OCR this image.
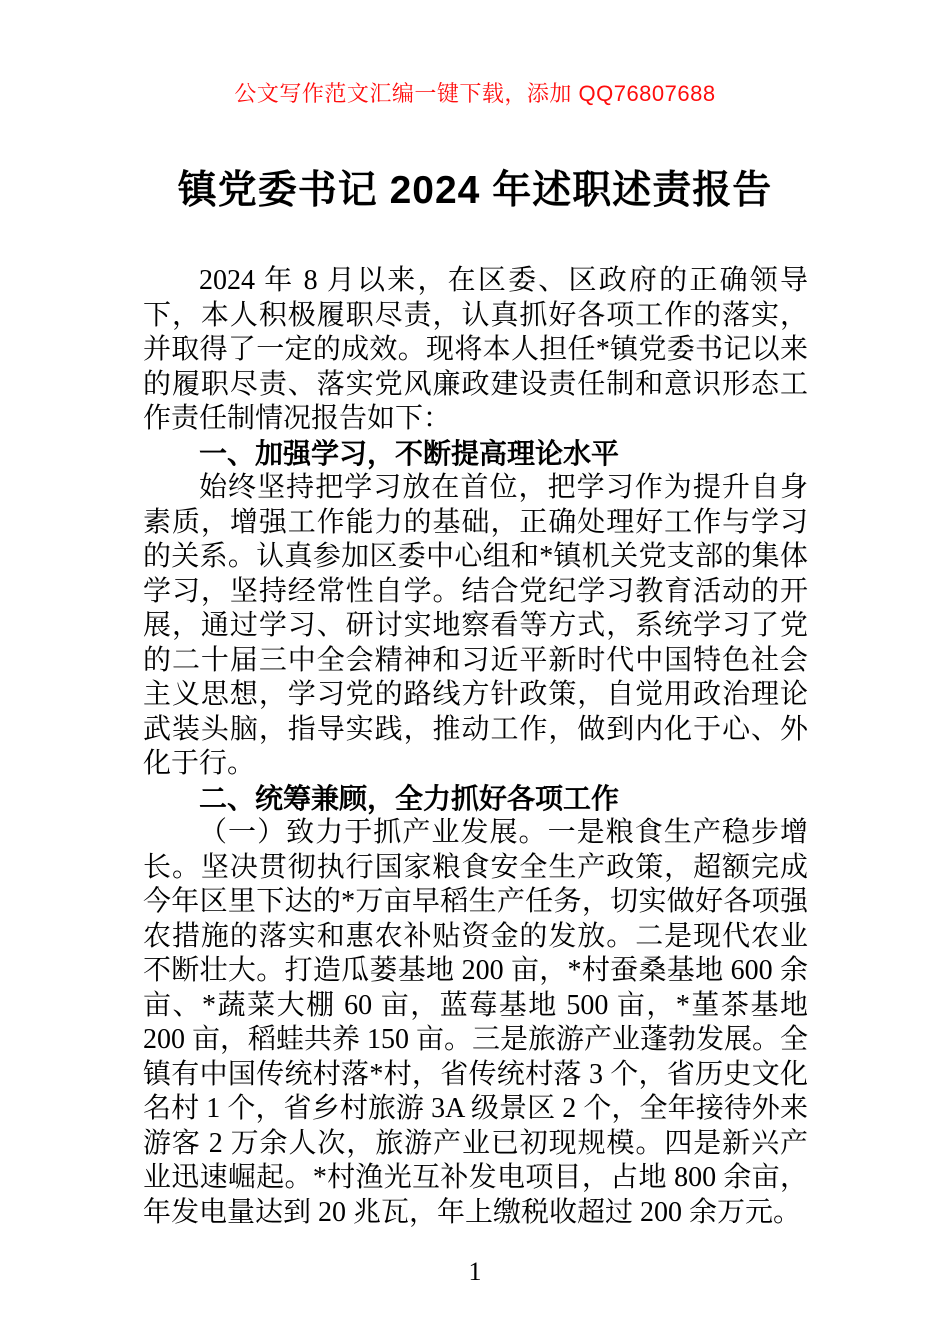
公文写作范文汇编一键下载，添加 QQ76807688
镇党委书记 2024 年述职述责报告

2024 年 8 月以来，在区委、区政府的正确领导下，本人积极履职尽责，认真抓好各项工作的落实，并取得了一定的成效。现将本人担任*镇党委书记以来的履职尽责、落实党风廉政建设责任制和意识形态工作责任制情况报告如下：

一、加强学习，不断提高理论水平

始终坚持把学习放在首位，把学习作为提升自身素质，增强工作能力的基础，正确处理好工作与学习的关系。认真参加区委中心组和*镇机关党支部的集体学习，坚持经常性自学。结合党纪学习教育活动的开展，通过学习、研讨实地察看等方式，系统学习了党的二十届三中全会精神和习近平新时代中国特色社会主义思想，学习党的路线方针政策，自觉用政治理论武装头脑，指导实践，推动工作，做到内化于心、外化于行。

二、统筹兼顾，全力抓好各项工作

（一）致力于抓产业发展。一是粮食生产稳步增长。坚决贯彻执行国家粮食安全生产政策，超额完成今年区里下达的*万亩早稻生产任务，切实做好各项强农措施的落实和惠农补贴资金的发放。二是现代农业不断壮大。打造瓜蒌基地 200 亩，*村蚕桑基地 600 余亩、*蔬菜大棚 60 亩，蓝莓基地 500 亩，*堇茶基地 200 亩，稻蛙共养 150 亩。三是旅游产业蓬勃发展。全镇有中国传统村落*村，省传统村落 3 个，省历史文化名村 1 个，省乡村旅游 3A 级景区 2 个，全年接待外来游客 2 万余人次，旅游产业已初现规模。四是新兴产业迅速崛起。*村渔光互补发电项目，占地 800 余亩，年发电量达到 20 兆瓦，年上缴税收超过 200 余万元。

1
